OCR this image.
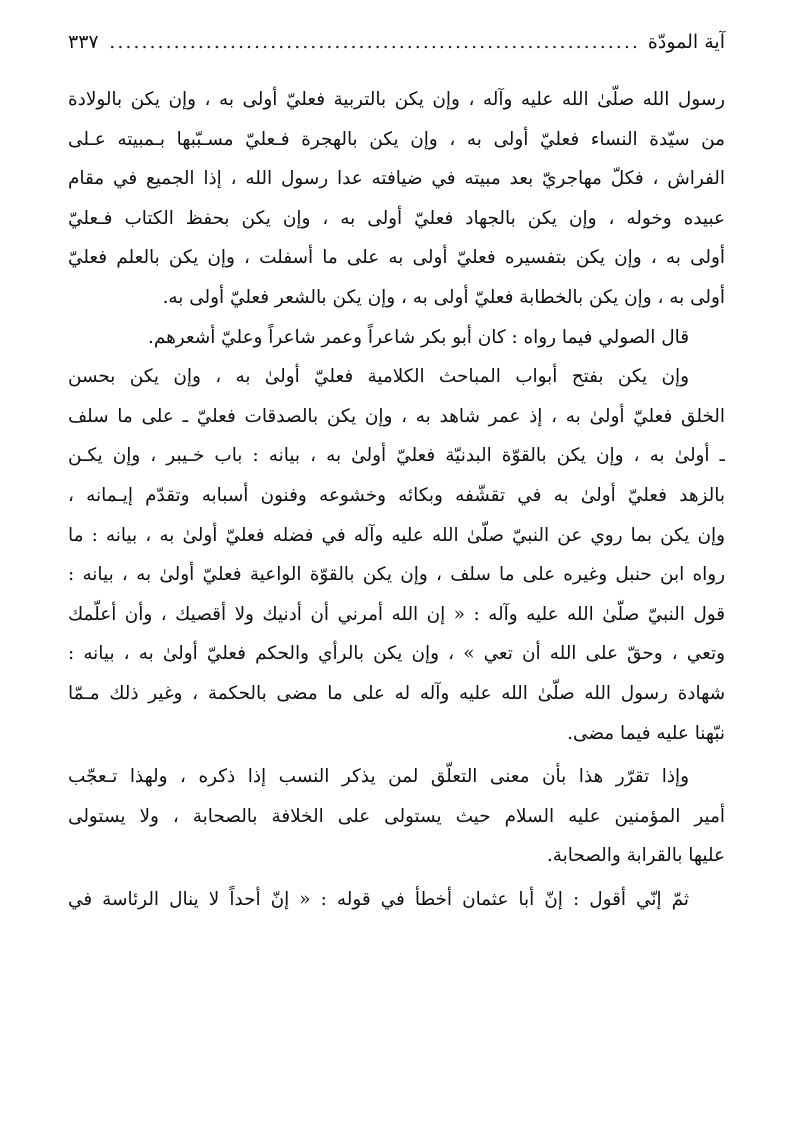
آية المودّة
.....
٣٣٧
رسول الله صلّىٰ الله عليه وآله ، وإن يكن بالتربية فعليّ أولى به ، وإن يكن بالولادة
من سيّدة النساء فعليّ أولى به ، وإن يكن بالهجرة فـعليّ مسـبّبها بـمبيته عـلى
الفراش ، فكلّ مهاجريّ بعد مبيته في ضيافته عدا رسول الله ، إذا الجميع في مقام
عبيده وخوله ، وإن يكن بالجهاد فعليّ أولى به ، وإن يكن بحفظ الكتاب فـعليّ
أولى به ، وإن يكن بتفسيره فعليّ أولى به على ما أسفلت ، وإن يكن بالعلم فعليّ
أولى به ، وإن يكن بالخطابة فعليّ أولى به ، وإن يكن بالشعر فعليّ أولى به.
قال الصولي فيما رواه : كان أبو بكر شاعراً وعمر شاعراً وعليّ أشعرهم.
وإن يكن بفتح أبواب المباحث الكلامية فعليّ أولىٰ به ، وإن يكن بحسن
الخلق فعليّ أولىٰ به ، إذ عمر شاهد به ، وإن يكن بالصدقات فعليّ ـ على ما سلف
ـ أولىٰ به ، وإن يكن بالقوّة البدنيّة فعليّ أولىٰ به ، بيانه : باب خـيبر ، وإن يكـن
بالزهد فعليّ أولىٰ به في تقشّفه وبكائه وخشوعه وفنون أسبابه وتقدّم إيـمانه ،
وإن يكن بما روي عن النبيّ صلّىٰ الله عليه وآله في فضله فعليّ أولىٰ به ، بيانه : ما
رواه ابن حنبل وغيره على ما سلف ، وإن يكن بالقوّة الواعية فعليّ أولىٰ به ، بيانه :
قول النبيّ صلّىٰ الله عليه وآله : « إن الله أمرني أن أدنيك ولا أقصيك ، وأن أعلّمك
وتعي ، وحقّ على الله أن تعي » ، وإن يكن بالرأي والحكم فعليّ أولىٰ به ، بيانه :
شهادة رسول الله صلّىٰ الله عليه وآله له على ما مضى بالحكمة ، وغير ذلك مـمّا
نبّهنا عليه فيما مضى.
وإذا تقرّر هذا بأن معنى التعلّق لمن يذكر النسب إذا ذكره ، ولهذا تـعجّب
أمير المؤمنين عليه السلام حيث يستولى على الخلافة بالصحابة ، ولا يستولى
عليها بالقرابة والصحابة.
ثمّ إنّي أقول : إنّ أبا عثمان أخطأ في قوله : « إنّ أحداً لا ينال الرئاسة في
